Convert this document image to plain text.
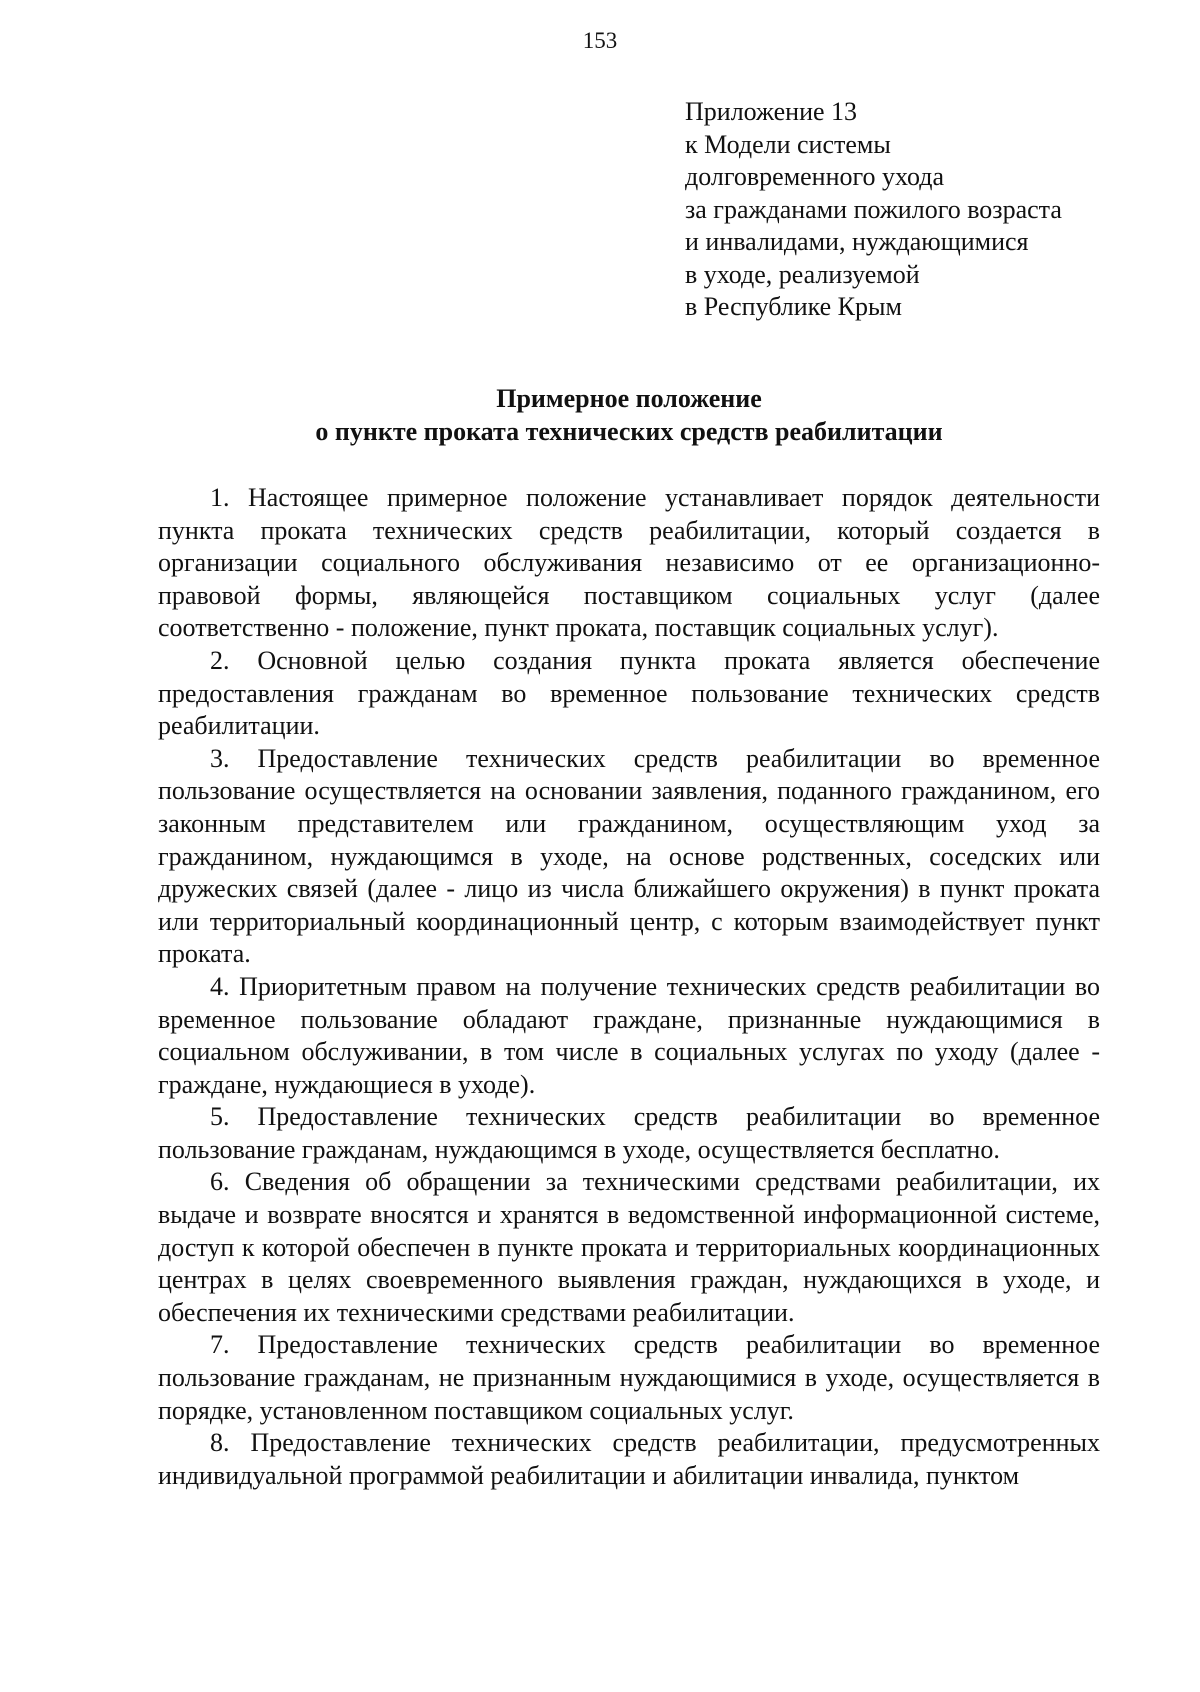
153
Приложение 13
к Модели системы
долговременного ухода
за гражданами пожилого возраста
и инвалидами, нуждающимися
в уходе, реализуемой
в Республике Крым
Примерное положение
о пункте проката технических средств реабилитации

1. Настоящее примерное положение устанавливает порядок деятельности пункта проката технических средств реабилитации, который создается в организации социального обслуживания независимо от ее организационно-правовой формы, являющейся поставщиком социальных услуг (далее соответственно - положение, пункт проката, поставщик социальных услуг).

2. Основной целью создания пункта проката является обеспечение предоставления гражданам во временное пользование технических средств реабилитации.

3. Предоставление технических средств реабилитации во временное пользование осуществляется на основании заявления, поданного гражданином, его законным представителем или гражданином, осуществляющим уход за гражданином, нуждающимся в уходе, на основе родственных, соседских или дружеских связей (далее - лицо из числа ближайшего окружения) в пункт проката или территориальный координационный центр, с которым взаимодействует пункт проката.

4. Приоритетным правом на получение технических средств реабилитации во временное пользование обладают граждане, признанные нуждающимися в социальном обслуживании, в том числе в социальных услугах по уходу (далее - граждане, нуждающиеся в уходе).

5. Предоставление технических средств реабилитации во временное пользование гражданам, нуждающимся в уходе, осуществляется бесплатно.

6. Сведения об обращении за техническими средствами реабилитации, их выдаче и возврате вносятся и хранятся в ведомственной информационной системе, доступ к которой обеспечен в пункте проката и территориальных координационных центрах в целях своевременного выявления граждан, нуждающихся в уходе, и обеспечения их техническими средствами реабилитации.

7. Предоставление технических средств реабилитации во временное пользование гражданам, не признанным нуждающимися в уходе, осуществляется в порядке, установленном поставщиком социальных услуг.

8. Предоставление технических средств реабилитации, предусмотренных индивидуальной программой реабилитации и абилитации инвалида, пунктом
